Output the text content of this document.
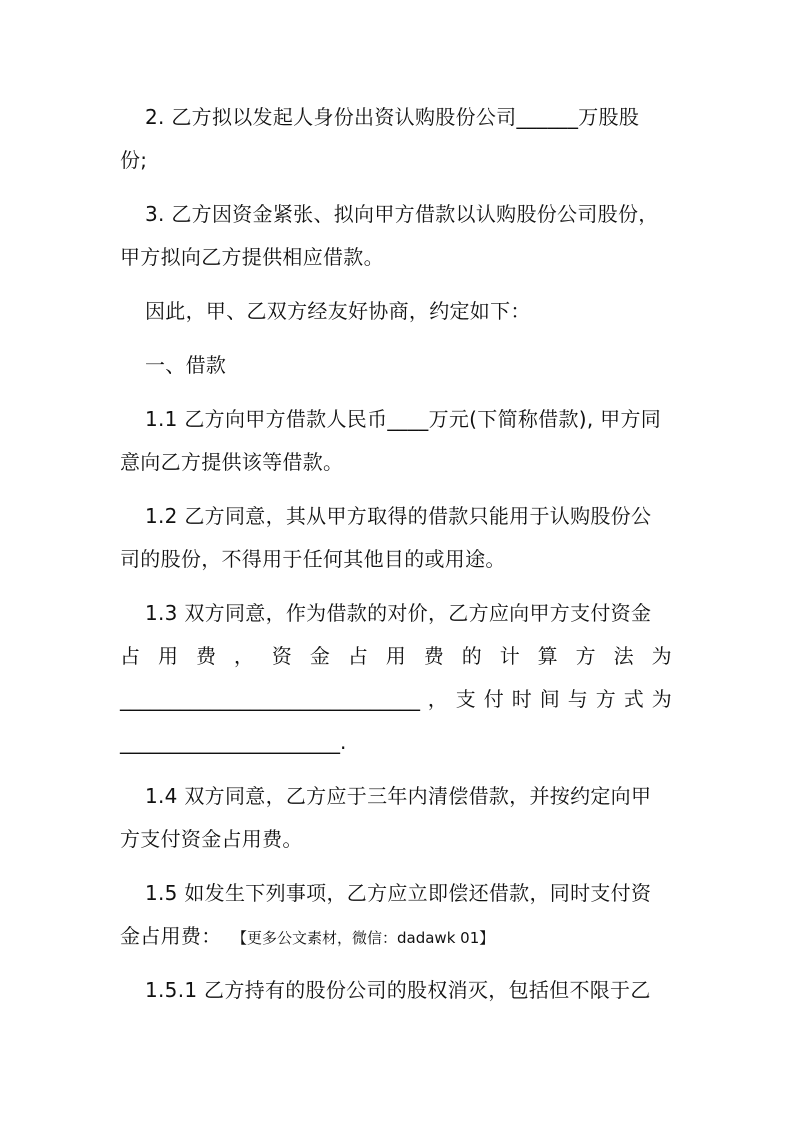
2. 乙方拟以发起人身份出资认购股份公司______万股股

份;

3. 乙方因资金紧张、拟向甲方借款以认购股份公司股份，

甲方拟向乙方提供相应借款。

因此，甲、乙双方经友好协商，约定如下：

一、借款

1.1 乙方向甲方借款人民币____万元(下简称借款), 甲方同

意向乙方提供该等借款。

1.2 乙方同意，其从甲方取得的借款只能用于认购股份公

司的股份，不得用于任何其他目的或用途。

1.3 双方同意，作为借款的对价，乙方应向甲方支付资金

占 用 费 ， 资 金 占 用 费 的 计 算 方 法 为
______________________________ ， 支 付 时 间 与 方 式 为

______________________.

1.4 双方同意，乙方应于三年内清偿借款，并按约定向甲

方支付资金占用费。

1.5 如发生下列事项，乙方应立即偿还借款，同时支付资

金占用费： 【更多公文素材，微信：dadawk 01】

1.5.1 乙方持有的股份公司的股权消灭，包括但不限于乙
